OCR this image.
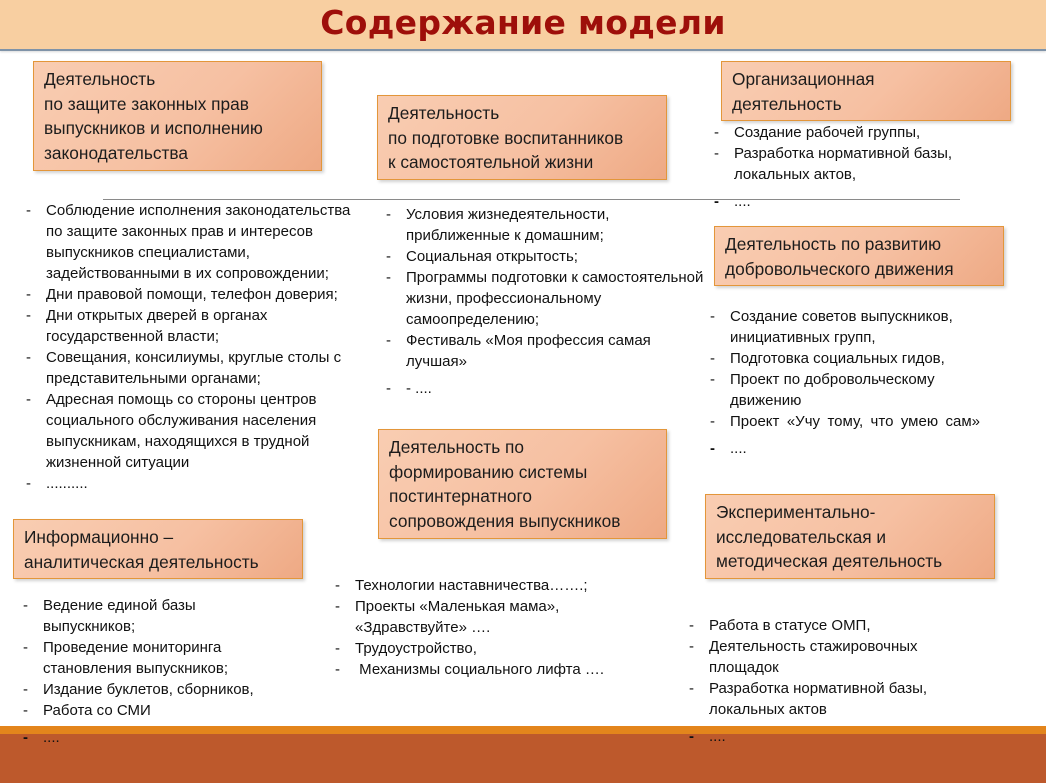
Содержание модели
Деятельность
по защите законных прав
выпускников и исполнению
законодательства
- Соблюдение исполнения законодательства по защите законных прав и интересов выпускников специалистами, задействованными в их сопровождении;
- Дни правовой помощи, телефон доверия;
- Дни открытых дверей в органах государственной власти;
- Совещания, консилиумы, круглые столы с представительными органами;
- Адресная помощь со стороны центров социального обслуживания населения выпускникам, находящихся в трудной жизненной ситуации
- ..........
Деятельность
по подготовке воспитанников
к самостоятельной жизни
- Условия жизнедеятельности, приближенные к домашним;
- Социальная открытость;
- Программы подготовки к самостоятельной жизни, профессиональному самоопределению;
- Фестиваль «Моя профессия самая лучшая»
- - ....
Организационная
деятельность
- Создание рабочей группы,
- Разработка нормативной базы, локальных актов,
- ....
Деятельность по развитию
добровольческого движения
- Создание советов выпускников, инициативных групп,
- Подготовка социальных гидов,
- Проект по добровольческому движению
- Проект «Учу тому, что умею сам»
- ....
Информационно –
аналитическая деятельность
- Ведение единой базы выпускников;
- Проведение мониторинга становления выпускников;
- Издание буклетов, сборников,
- Работа со СМИ
- ....
Деятельность по
формированию системы
постинтернатного
сопровождения выпускников
- Технологии наставничества…….;
- Проекты «Маленькая мама», «Здравствуйте» ….
- Трудоустройство,
-  Механизмы социального лифта ….
Экспериментально-
исследовательская и
методическая деятельность
- Работа в статусе ОМП,
- Деятельность стажировочных площадок
- Разработка нормативной базы, локальных актов
- ....
